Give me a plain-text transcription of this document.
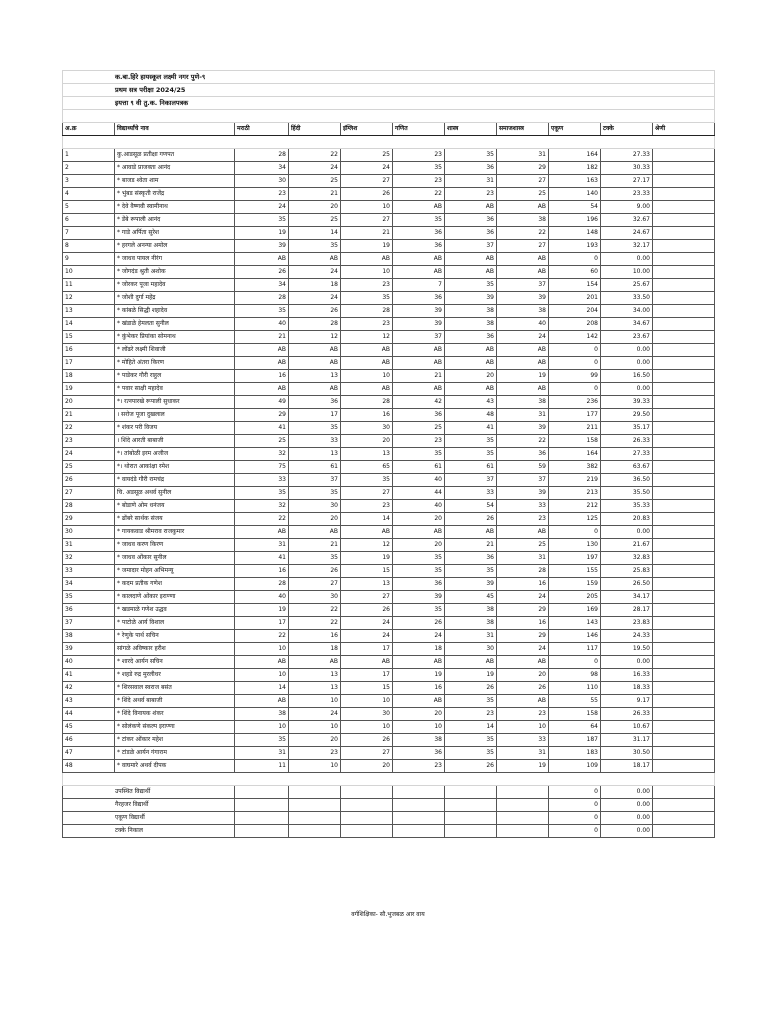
क.बा.हिरे हायस्कूल लक्ष्मी नगर पुणे-९										
प्रथम सत्र परीक्षा 2024/25										
इयत्ता ९ वी तु.क. निकालपत्रक										

अ.क्र	विद्यार्थ्यांचे नाव	मराठी	हिंदी	इंग्लिश	गणित	शास्त्र	समाजशास्त्र	एकूण	टक्के	श्रेणी

1	कु.आडसूळ प्रतीक्षा गणपत	28	22	25	23	35	31	164	27.33	
2	* आवाडे प्राजक्ता आनंद	34	24	24	35	36	29	182	30.33	
3	* बाजड श्वेता शाम	30	25	27	23	31	27	163	27.17	
4	* भुंबड संस्कृती राजेंद्र	23	21	26	22	23	25	140	23.33	
5	* देवे वैष्णवी स्वामीनाथ	24	20	10	AB	AB	AB	54	9.00	
6	* डेंबे रूपाली आनंद	35	25	27	35	36	38	196	32.67	
7	* गाडे अर्पिता सुरेश	19	14	21	36	36	22	148	24.67	
8	* हरगले अनन्या अमोल	39	35	19	36	37	27	193	32.17	
9	* जाधव पायल नीरंग	AB	AB	AB	AB	AB	AB	0	0.00	
10	* जोगदंड श्रुती अशोक	26	24	10	AB	AB	AB	60	10.00	
11	* जोरकर पूजा महादेव	34	18	23	7	35	37	154	25.67	
12	* जोशी दुर्गा महेंद्र	28	24	35	36	39	39	201	33.50	
13	* कांबळे सिद्धी शहादेव	35	26	28	39	38	38	204	34.00	
14	* खंडाळे हेमलता सुनील	40	28	23	39	38	40	208	34.67	
15	* कुंभेकर प्रियांका सोमनाथ	21	12	12	37	36	24	142	23.67	
16	* लोंढरे लक्ष्मी शिवाजी	AB	AB	AB	AB	AB	AB	0	0.00	
17	* मोहिते अंतरा किरण	AB	AB	AB	AB	AB	AB	0	0.00	
18	* पाडेकर गौरी राहुल	16	13	10	21	20	19	99	16.50	
19	* पवार साक्षी महादेव	AB	AB	AB	AB	AB	AB	0	0.00	
20	*। रत्नपारखे रूपाली सुधाकर	49	36	28	42	43	38	236	39.33	
21	। सरोज पूजा दुखलाल	29	17	16	36	48	31	177	29.50	
22	* शंकर परी विजय	41	35	30	25	41	39	211	35.17	
23	। शिंदे आरती बाबाजी	25	33	20	23	35	22	158	26.33	
24	*। तांबोळी इरम अजीज	32	13	13	35	35	36	164	27.33	
25	*। थोरात आकांक्षा रमेश	75	61	65	61	61	59	382	63.67	
26	* वायदंडे गौरी रामचंद्र	33	37	35	40	37	37	219	36.50	
27	चि. अडसूळ अथर्व सुनील	35	35	27	44	33	39	213	35.50	
28	* बोडाणे ओम धनंजय	32	30	23	40	54	33	212	35.33	
29	* ढोंबरे सार्थक संजय	22	20	14	20	26	23	125	20.83	
30	* गायकवाड श्रीमराव राजकुमार	AB	AB	AB	AB	AB	AB	0	0.00	
31	* जाधव करण किरण	31	21	12	20	21	25	130	21.67	
32	* जाधव ओंकार सुनील	41	35	19	35	36	31	197	32.83	
33	* जमादार मोहन अभिमन्यू	16	26	15	35	35	28	155	25.83	
34	* कदम प्रतीक गणेश	28	27	13	36	39	16	159	26.50	
35	* कालदाणे ओंकार इराण्णा	40	30	27	39	45	24	205	34.17	
36	* खडमाळे गणेश उद्धव	19	22	26	35	38	29	169	28.17	
37	* पाटोळे आर्य विशाल	17	22	24	26	38	16	143	23.83	
38	* रेणुके पार्थ सचिन	22	16	24	24	31	29	146	24.33	
39	सांगळे अविष्कार हरीश	10	18	17	18	30	24	117	19.50	
40	* शारदे आर्यन सचिन	AB	AB	AB	AB	AB	AB	0	0.00	
41	* शहडे रुद्र मुरलीधर	10	13	17	19	19	20	98	16.33	
42	* शिरसवाल स्वराज बसंत	14	13	15	16	26	26	110	18.33	
43	* शिंदे अथर्व बाबाजी	AB	10	10	AB	35	AB	55	9.17	
44	* शिंदे विनायक शंकर	38	24	30	20	23	23	158	26.33	
45	* सोलंकणे संकल्प इराण्णा	10	10	10	10	14	10	64	10.67	
46	* टांकर ओंकार महेश	35	20	26	38	35	33	187	31.17	
47	* टांडळे आर्यन गंगाराम	31	23	27	36	35	31	183	30.50	
48	* वाघमारे अथर्व दीपक	11	10	20	23	26	19	109	18.17	

उपस्थित विद्यार्थी								0	0.00	
गैरहजर विद्यार्थी								0	0.00	
एकूण विद्यार्थी								0	0.00	
टक्के निकाल								0	0.00	
वर्गशिक्षिका- सौ.भुजबळ आर वाय
